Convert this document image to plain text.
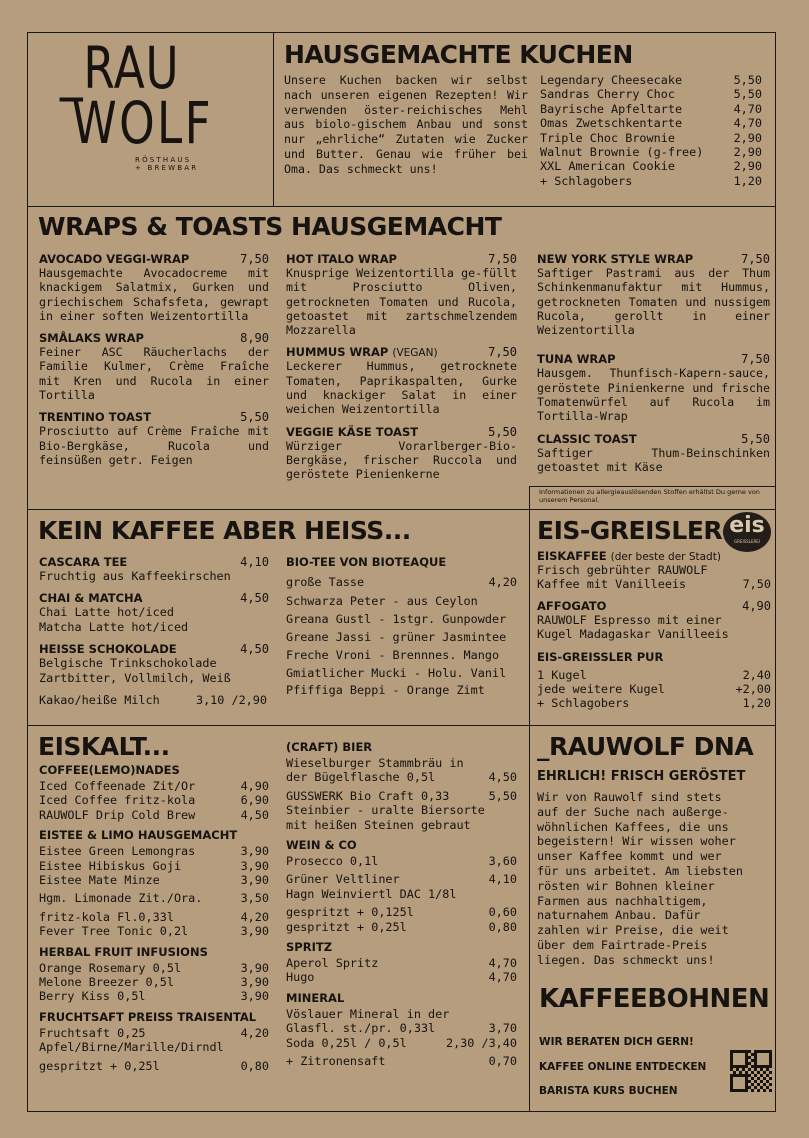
_RAU
WOLF
RÖSTHAUS
+ BREWBAR
HAUSGEMACHTE KUCHEN
Unsere Kuchen backen wir selbst nach unseren eigenen Rezepten! Wir verwenden öster-reichisches Mehl aus biolo-gischem Anbau und sonst nur „ehrliche“ Zutaten wie Zucker und Butter. Genau wie früher bei Oma. Das schmeckt uns!
Legendary Cheesecake	5,50
Sandras Cherry Choc	5,50
Bayrische Apfeltarte	4,70
Omas Zwetschkentarte	4,70
Triple Choc Brownie	2,90
Walnut Brownie (g-free)	2,90
XXL American Cookie	2,90
+ Schlagobers	1,20
WRAPS & TOASTS HAUSGEMACHT
AVOCADO VEGGI-WRAP	7,50
Hausgemachte Avocadocreme mit knackigem Salatmix, Gurken und griechischem Schafsfeta, gewrapt in einer soften Weizentortilla
SMÅLAKS WRAP	8,90
Feiner ASC Räucherlachs der Familie Kulmer, Crème Fraîche mit Kren und Rucola in einer Tortilla
TRENTINO TOAST	5,50
Prosciutto auf Crème Fraîche mit Bio-Bergkäse, Rucola und feinsüßen getr. Feigen
HOT ITALO WRAP	7,50
Knusprige Weizentortilla ge-füllt mit Prosciutto Oliven, getrockneten Tomaten und Rucola, getoastet mit zartschmelzendem Mozzarella
HUMMUS WRAP (VEGAN)	7,50
Leckerer Hummus, getrocknete Tomaten, Paprikaspalten, Gurke und knackiger Salat in einer weichen Weizentortilla
VEGGIE KÄSE TOAST	5,50
Würziger Vorarlberger-Bio-Bergkäse, frischer Ruccola und geröstete Pienienkerne
NEW YORK STYLE WRAP	7,50
Saftiger Pastrami aus der Thum Schinkenmanufaktur mit Hummus, getrockneten Tomaten und nussigem Rucola, gerollt in einer Weizentortilla
TUNA WRAP	7,50
Hausgem. Thunfisch-Kapern-sauce, geröstete Pinienkerne und frische Tomatenwürfel auf Rucola im Tortilla-Wrap
CLASSIC TOAST	5,50
Saftiger Thum-Beinschinken getoastet mit Käse
Informationen zu allergieauslösenden Stoffen erhältst Du gerne von unserem Personal.
KEIN KAFFEE ABER HEISS...
CASCARA TEE	4,10
Fruchtig aus Kaffeekirschen
CHAI & MATCHA	4,50
Chai Latte hot/iced
Matcha Latte hot/iced
HEISSE SCHOKOLADE	4,50
Belgische Trinkschokolade
Zartbitter, Vollmilch, Weiß
Kakao/heiße Milch	3,10 /2,90
BIO-TEE VON BIOTEAQUE
große Tasse	4,20
Schwarza Peter - aus Ceylon
Greana Gustl - 1stgr. Gunpowder
Greane Jassi - grüner Jasmintee
Freche Vroni - Brennnes. Mango
Gmiatlicher Mucki - Holu. Vanil
Pfiffiga Beppi - Orange Zimt
EIS-GREISLER eis
GREISSLEREI
EISKAFFEE (der beste der Stadt)
Frisch gebrühter RAUWOLF
Kaffee mit Vanilleeis	7,50
AFFOGATO	4,90
RAUWOLF Espresso mit einer
Kugel Madagaskar Vanilleeis
EIS-GREISSLER PUR
1 Kugel	2,40
jede weitere Kugel	+2,00
+ Schlagobers	1,20
EISKALT...
COFFEE(LEMO)NADES
Iced Coffeenade Zit/Or	4,90
Iced Coffee fritz-kola	6,90
RAUWOLF Drip Cold Brew	4,50
EISTEE & LIMO HAUSGEMACHT
Eistee Green Lemongras	3,90
Eistee Hibiskus Goji	3,90
Eistee Mate Minze	3,90
Hgm. Limonade Zit./Ora.	3,50
fritz-kola Fl.0,33l	4,20
Fever Tree Tonic 0,2l	3,90
HERBAL FRUIT INFUSIONS
Orange Rosemary 0,5l	3,90
Melone Breezer 0,5l	3,90
Berry Kiss 0,5l	3,90
FRUCHTSAFT PREISS TRAISENTAL
Fruchtsaft 0,25	4,20
Apfel/Birne/Marille/Dirndl
gespritzt + 0,25l	0,80
(CRAFT) BIER
Wieselburger Stammbräu in
der Bügelflasche 0,5l	4,50
GUSSWERK Bio Craft 0,33	5,50
Steinbier - uralte Biersorte
mit heißen Steinen gebraut
WEIN & CO
Prosecco 0,1l	3,60
Grüner Veltliner	4,10
Hagn Weinviertl DAC 1/8l
gespritzt + 0,125l	0,60
gespritzt + 0,25l	0,80
SPRITZ
Aperol Spritz	4,70
Hugo	4,70
MINERAL
Vöslauer Mineral in der
Glasfl. st./pr. 0,33l	3,70
Soda 0,25l / 0,5l	2,30 /3,40
+ Zitronensaft	0,70
_RAUWOLF DNA
EHRLICH! FRISCH GERÖSTET
Wir von Rauwolf sind stets
auf der Suche nach außerge-
wöhnlichen Kaffees, die uns
begeistern! Wir wissen woher
unser Kaffee kommt und wer
für uns arbeitet. Am liebsten
rösten wir Bohnen kleiner
Farmen aus nachhaltigem,
naturnahem Anbau. Dafür
zahlen wir Preise, die weit
über dem Fairtrade-Preis
liegen. Das schmeckt uns!
KAFFEEBOHNEN
WIR BERATEN DICH GERN!
KAFFEE ONLINE ENTDECKEN
BARISTA KURS BUCHEN
